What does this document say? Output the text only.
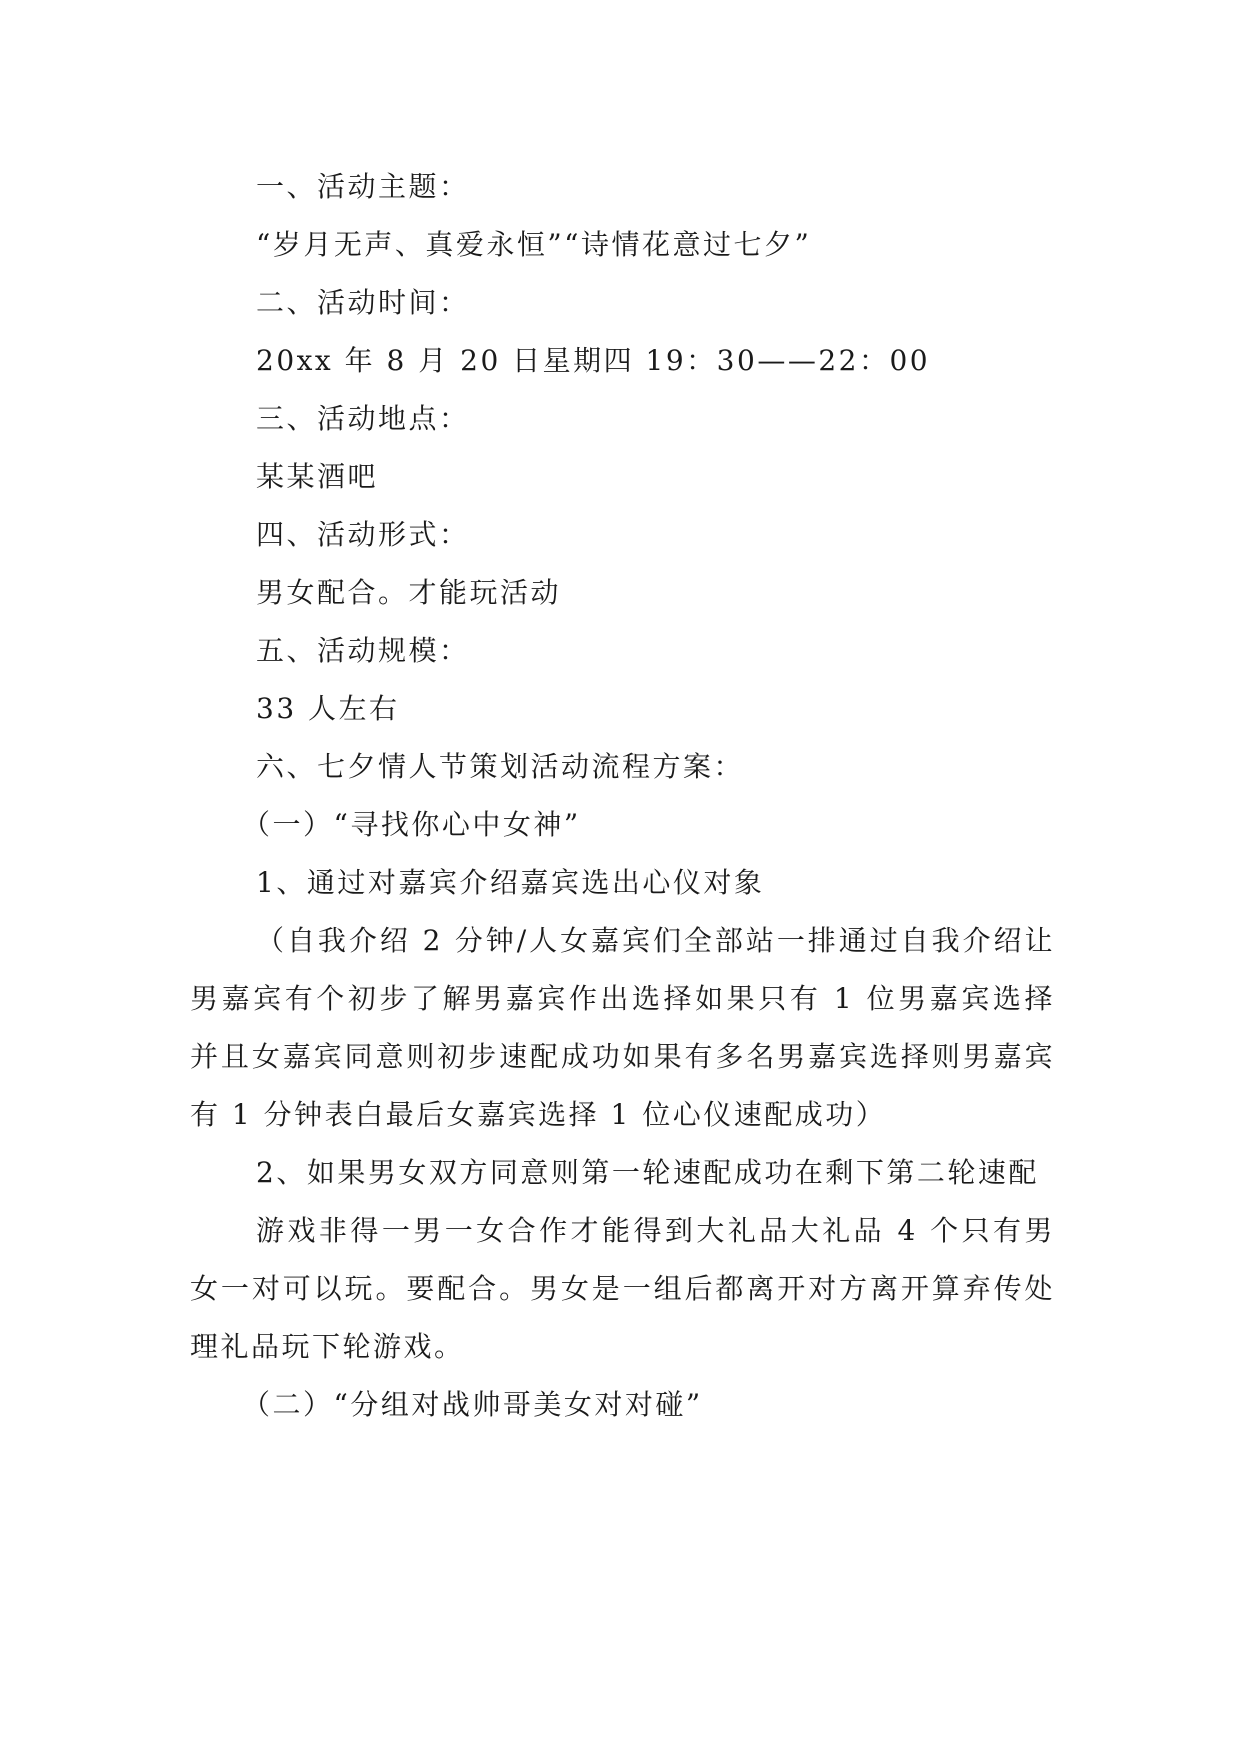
一、活动主题：

“岁月无声、真爱永恒”“诗情花意过七夕”

二、活动时间：

20xx 年 8 月 20 日星期四 19：30——22：00

三、活动地点：

某某酒吧

四、活动形式：

男女配合。才能玩活动

五、活动规模：

33 人左右

六、七夕情人节策划活动流程方案：

（一）“寻找你心中女神”

1、通过对嘉宾介绍嘉宾选出心仪对象

（自我介绍 2 分钟/人女嘉宾们全部站一排通过自我介绍让男嘉宾有个初步了解男嘉宾作出选择如果只有 1 位男嘉宾选择并且女嘉宾同意则初步速配成功如果有多名男嘉宾选择则男嘉宾有 1 分钟表白最后女嘉宾选择 1 位心仪速配成功）

2、如果男女双方同意则第一轮速配成功在剩下第二轮速配

游戏非得一男一女合作才能得到大礼品大礼品 4 个只有男女一对可以玩。要配合。男女是一组后都离开对方离开算弃传处理礼品玩下轮游戏。

（二）“分组对战帅哥美女对对碰”
